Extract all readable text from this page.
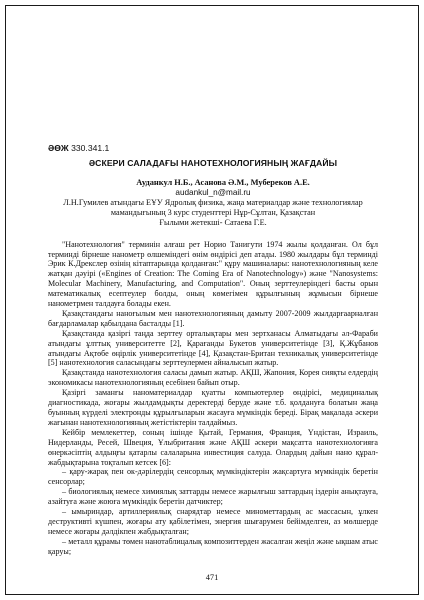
ӘӨЖ 330.341.1
ӘСКЕРИ САЛАДАҒЫ НАНОТЕХНОЛОГИЯНЫҢ ЖАҒДАЙЫ
Ауданкул Н.Б., Асанова Ә.М., Мубереков А.Е.
audankul_n@mail.ru
Л.Н.Гумилев атындағы ЕҰУ Ядролық физика, жаңа материалдар және технологиялар
мамандығының 3 курс студенттері Нұр-Сұлтан, Қазақстан
Ғылыми жетекші- Сатаева Г.Е.

"Нанотехнология" терминін алғаш рет Норио Танигути 1974 жылы қолданған. Ол бұл терминді бірнеше нанометр өлшеміндегі өнім өндірісі деп атады. 1980 жылдары бұл терминді Эрик К.Дрекслер өзінің кітаптарында қолданған:" құру машиналары: нанотехнологияның келе жатқан дәуірі («Engines of Creation: The Coming Era of Nanotechnology») және "Nanosystems: Molecular Machinery, Manufacturing, and Computation". Оның зерттеулеріндегі басты орын математикалық есептеулер болды, оның көмегімен құрылғының жұмысын бірнеше нанометрмен талдауға болады екен.

Қазақстандағы наноғылым мен нанотехнологияның дамыту 2007-2009 жылдарғаарналған бағдарламалар қабылдана басталды [1].

Қазақстанда қазіргі таңда зерттеу орталықтары мен зертханасы Алматыдағы әл-Фараби атындағы ұлттық университетте [2], Қарағанды Букетов университетінде [3], Қ.Жұбанов атындағы Ақтөбе өңірлік университетінде [4], Қазақстан-Британ техникалық университетінде [5] нанотехнология саласындағы зерттеулермен айналысып жатыр.

Қазақстанда нанотехнология саласы дамып жатыр. АҚШ, Жапония, Корея сияқты елдердің экономикасы нанотехнологияның есебінен байып отыр.

Қазіргі заманғы наноматериалдар қуатты компьютерлер өндірісі, медициналық диагностикада, жоғары жылдамдықты деректерді беруде және т.б. қолдануға болатын жаңа буынның күрделі электронды құрылғыларын жасауға мүмкіндік береді. Бірақ мақалада әскери жағынан нанотехнологияның жетістіктерін талдаймыз.

Кейбір мемлекеттер, соның ішінде Қытай, Германия, Франция, Үндістан, Израиль, Нидерланды, Ресей, Швеция, Ұлыбритания және АҚШ әскери мақсатта нанотехнологияға өнеркәсіптің алдыңғы қатарлы салаларына инвестиция салуда. Олардың дайын нано құрал-жабдықтарына тоқталып кетсек [6]:

– қару-жарақ пен ок-дәрілердің сенсорлық мүмкіндіктерін жақсартуға мүмкіндік беретін сенсорлар;

– биологиялық немесе химиялық заттарды немесе жарылғыш заттардың іздерін анықтауға, азайтуға және жоюға мүмкіндік беретін датчиктер;

– ымыриндар, артиллериялық снарядтар немесе минометтардың ас массасын, ұлкен деструктивті күшпен, жоғары ату қабілетімен, энергия шығарумен бейімделген, аз мөлшерде немесе жоғары дәлдікпен жабдықталған;

– металл құрамы төмен нанотаблицалық композиттерден жасалған жеңіл және ықшам атыс қаруы;

471
